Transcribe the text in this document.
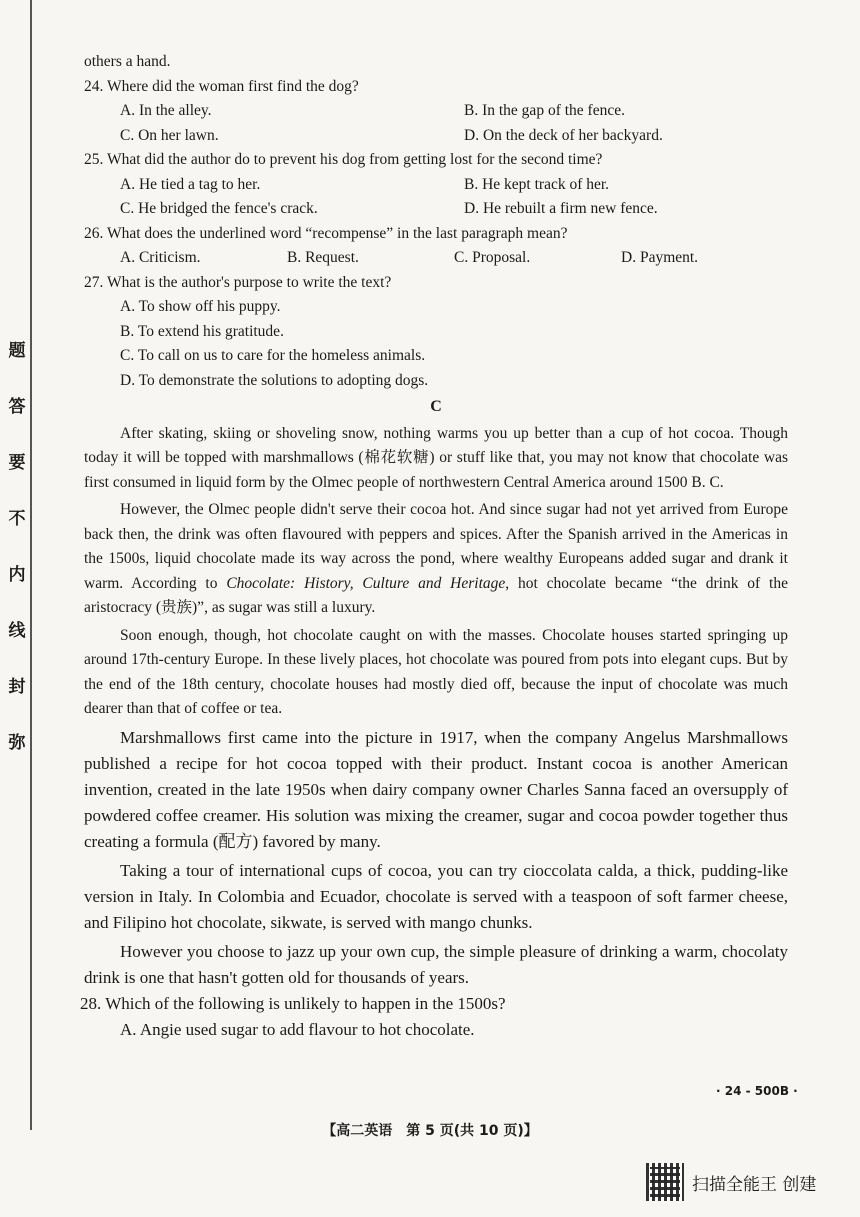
题
答
要
不
内
线
封
弥
others a hand.
24. Where did the woman first find the dog?
A. In the alley.	B. In the gap of the fence.
C. On her lawn.	D. On the deck of her backyard.
25. What did the author do to prevent his dog from getting lost for the second time?
A. He tied a tag to her.	B. He kept track of her.
C. He bridged the fence's crack.	D. He rebuilt a firm new fence.
26. What does the underlined word “recompense” in the last paragraph mean?
A. Criticism.	B. Request.	C. Proposal.	D. Payment.
27. What is the author's purpose to write the text?
A. To show off his puppy.
B. To extend his gratitude.
C. To call on us to care for the homeless animals.
D. To demonstrate the solutions to adopting dogs.
C

After skating, skiing or shoveling snow, nothing warms you up better than a cup of hot cocoa. Though today it will be topped with marshmallows (棉花软糖) or stuff like that, you may not know that chocolate was first consumed in liquid form by the Olmec people of northwestern Central America around 1500 B. C.

However, the Olmec people didn't serve their cocoa hot. And since sugar had not yet arrived from Europe back then, the drink was often flavoured with peppers and spices. After the Spanish arrived in the Americas in the 1500s, liquid chocolate made its way across the pond, where wealthy Europeans added sugar and drank it warm. According to Chocolate: History, Culture and Heritage, hot chocolate became “the drink of the aristocracy (贵族)”, as sugar was still a luxury.

Soon enough, though, hot chocolate caught on with the masses. Chocolate houses started springing up around 17th-century Europe. In these lively places, hot chocolate was poured from pots into elegant cups. But by the end of the 18th century, chocolate houses had mostly died off, because the input of chocolate was much dearer than that of coffee or tea.

Marshmallows first came into the picture in 1917, when the company Angelus Marshmallows published a recipe for hot cocoa topped with their product. Instant cocoa is another American invention, created in the late 1950s when dairy company owner Charles Sanna faced an oversupply of powdered coffee creamer. His solution was mixing the creamer, sugar and cocoa powder together thus creating a formula (配方) favored by many.

Taking a tour of international cups of cocoa, you can try cioccolata calda, a thick, pudding-like version in Italy. In Colombia and Ecuador, chocolate is served with a teaspoon of soft farmer cheese, and Filipino hot chocolate, sikwate, is served with mango chunks.

However you choose to jazz up your own cup, the simple pleasure of drinking a warm, chocolaty drink is one that hasn't gotten old for thousands of years.

28. Which of the following is unlikely to happen in the 1500s?
A. Angie used sugar to add flavour to hot chocolate.
· 24 - 500B ·
【高二英语　第 5 页(共 10 页)】
扫描全能王 创建
